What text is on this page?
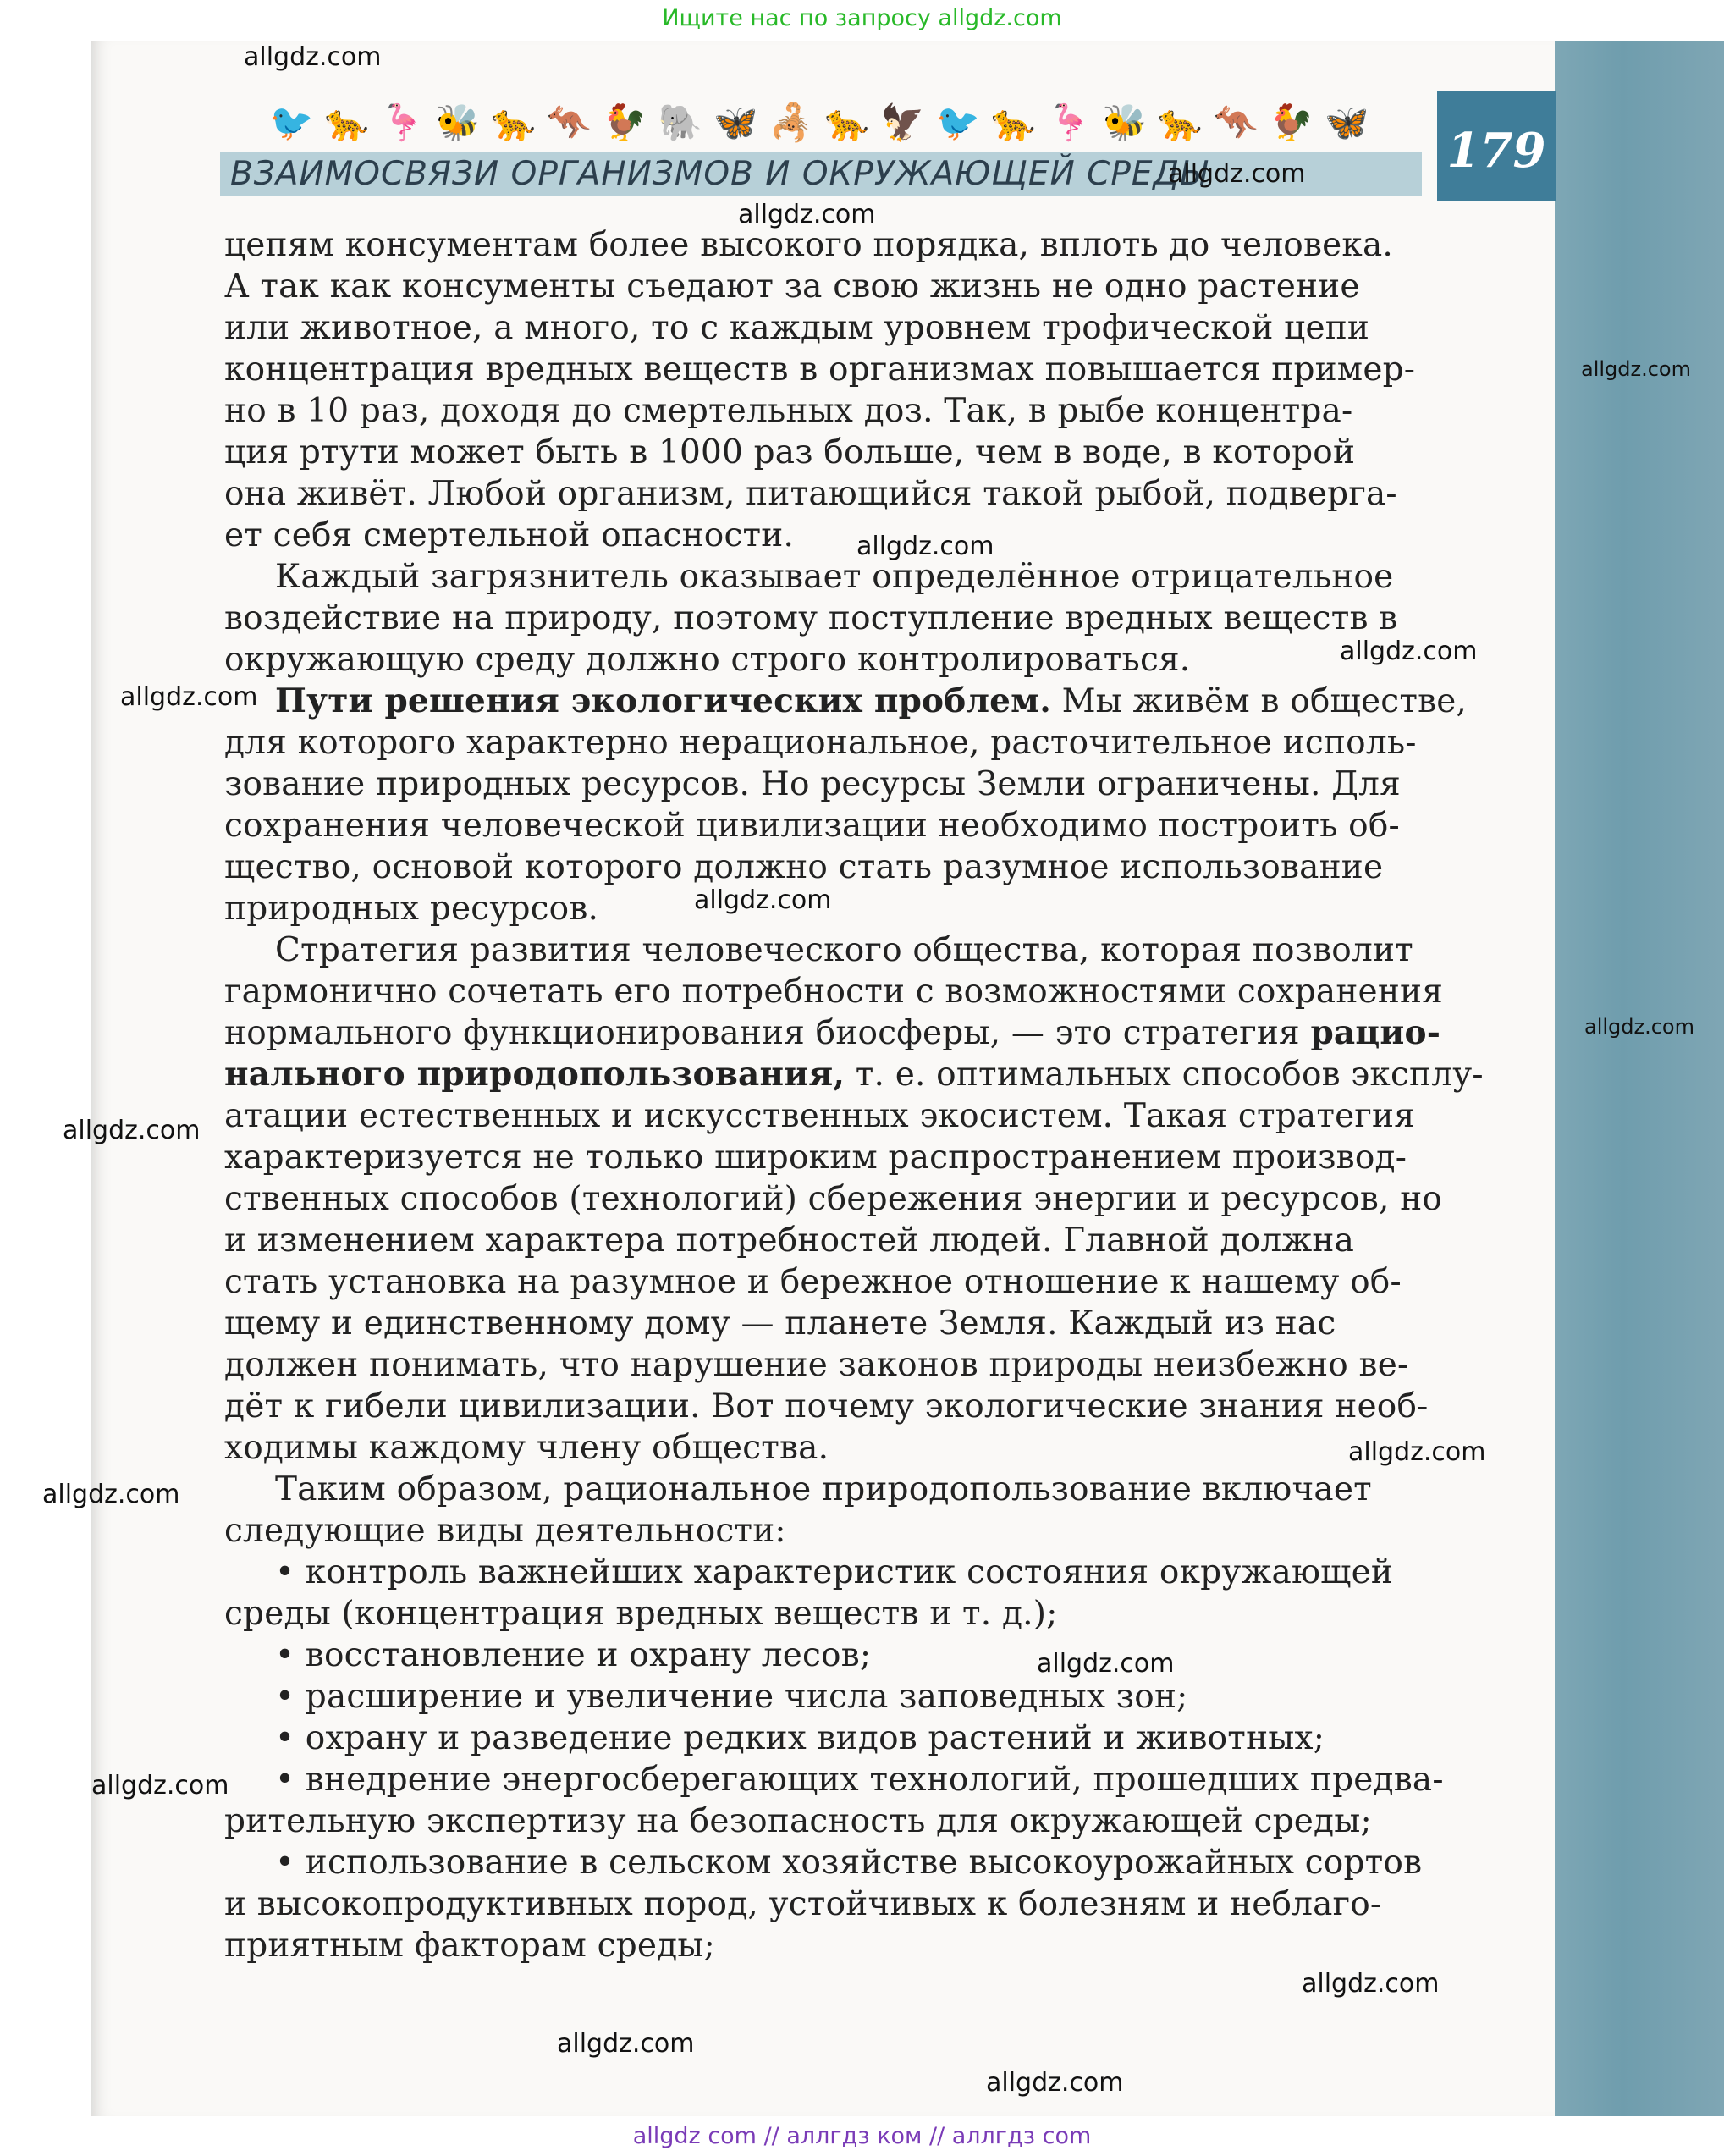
Ищите нас по запросу allgdz.com
🐦 🐆 🦩 🐝 🐆 🦘 🐓 🐘 🦋 🦂 🐆 🦅 🐦 🐆 🦩 🐝 🐆 🦘 🐓 🦋
ВЗАИМОСВЯЗИ ОРГАНИЗМОВ И ОКРУЖАЮЩЕЙ СРЕДЫ	179
цепям консументам более высокого порядка, вплоть до человека.
А так как консументы съедают за свою жизнь не одно растение
или животное, а много, то с каждым уровнем трофической цепи
концентрация вредных веществ в организмах повышается пример-
но в 10 раз, доходя до смертельных доз. Так, в рыбе концентра-
ция ртути может быть в 1000 раз больше, чем в воде, в которой
она живёт. Любой организм, питающийся такой рыбой, подверга-
ет себя смертельной опасности.
Каждый загрязнитель оказывает определённое отрицательное
воздействие на природу, поэтому поступление вредных веществ в
окружающую среду должно строго контролироваться.
Пути решения экологических проблем. Мы живём в обществе,
для которого характерно нерациональное, расточительное исполь-
зование природных ресурсов. Но ресурсы Земли ограничены. Для
сохранения человеческой цивилизации необходимо построить об-
щество, основой которого должно стать разумное использование
природных ресурсов.
Стратегия развития человеческого общества, которая позволит
гармонично сочетать его потребности с возможностями сохранения
нормального функционирования биосферы, — это стратегия рацио-
нального природопользования, т. е. оптимальных способов эксплу-
атации естественных и искусственных экосистем. Такая стратегия
характеризуется не только широким распространением производ-
ственных способов (технологий) сбережения энергии и ресурсов, но
и изменением характера потребностей людей. Главной должна
стать установка на разумное и бережное отношение к нашему об-
щему и единственному дому — планете Земля. Каждый из нас
должен понимать, что нарушение законов природы неизбежно ве-
дёт к гибели цивилизации. Вот почему экологические знания необ-
ходимы каждому члену общества.
Таким образом, рациональное природопользование включает
следующие виды деятельности:
• контроль важнейших характеристик состояния окружающей
среды (концентрация вредных веществ и т. д.);
• восстановление и охрану лесов;
• расширение и увеличение числа заповедных зон;
• охрану и разведение редких видов растений и животных;
• внедрение энергосберегающих технологий, прошедших предва-
рительную экспертизу на безопасность для окружающей среды;
• использование в сельском хозяйстве высокоурожайных сортов
и высокопродуктивных пород, устойчивых к болезням и неблаго-
приятным факторам среды;
allgdz.com
allgdz.com
allgdz.com
allgdz.com
allgdz.com
allgdz.com
allgdz.com
allgdz.com
allgdz.com
allgdz.com
allgdz.com
allgdz.com
allgdz.com
allgdz.com
allgdz.com
allgdz.com
allgdz.com
allgdz com // аллгдз ком // аллгдз com
